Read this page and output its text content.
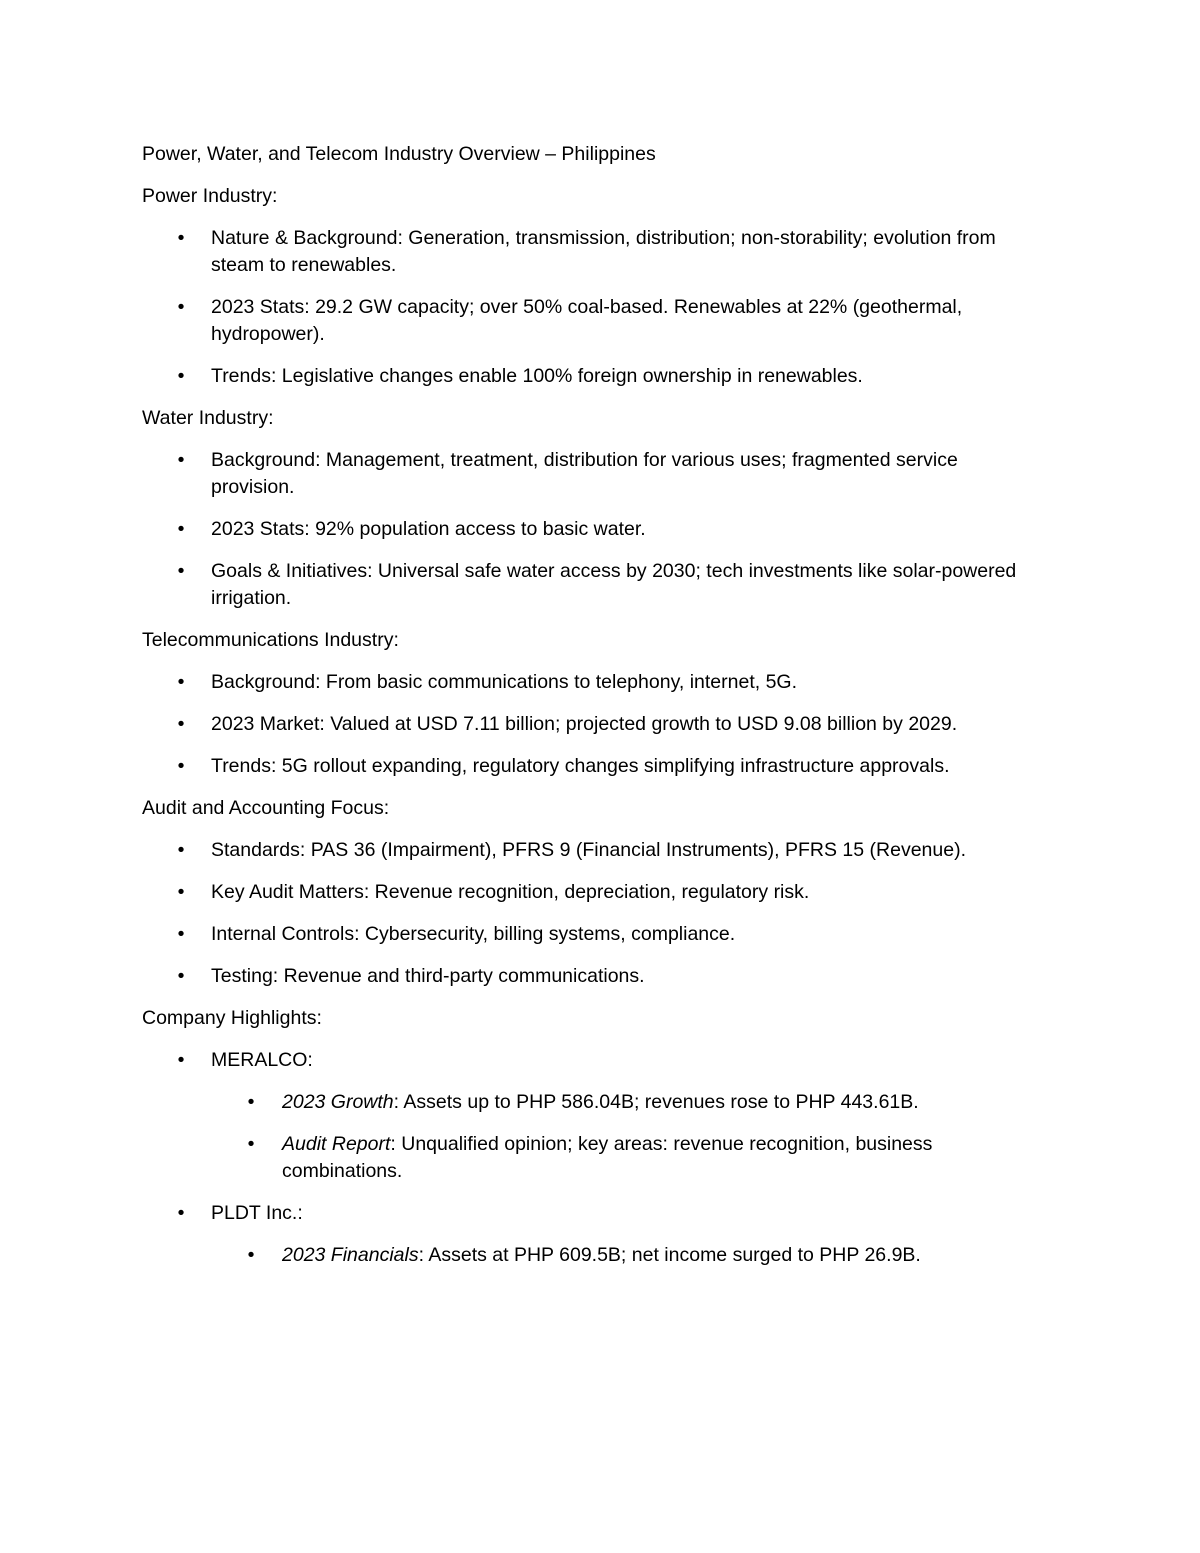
Power, Water, and Telecom Industry Overview – Philippines

Power Industry:

• Nature & Background: Generation, transmission, distribution; non-storability; evolution from steam to renewables.
• 2023 Stats: 29.2 GW capacity; over 50% coal-based. Renewables at 22% (geothermal, hydropower).
• Trends: Legislative changes enable 100% foreign ownership in renewables.

Water Industry:

• Background: Management, treatment, distribution for various uses; fragmented service provision.
• 2023 Stats: 92% population access to basic water.
• Goals & Initiatives: Universal safe water access by 2030; tech investments like solar-powered irrigation.

Telecommunications Industry:

• Background: From basic communications to telephony, internet, 5G.
• 2023 Market: Valued at USD 7.11 billion; projected growth to USD 9.08 billion by 2029.
• Trends: 5G rollout expanding, regulatory changes simplifying infrastructure approvals.

Audit and Accounting Focus:

• Standards: PAS 36 (Impairment), PFRS 9 (Financial Instruments), PFRS 15 (Revenue).
• Key Audit Matters: Revenue recognition, depreciation, regulatory risk.
• Internal Controls: Cybersecurity, billing systems, compliance.
• Testing: Revenue and third-party communications.

Company Highlights:

• MERALCO:
• 2023 Growth: Assets up to PHP 586.04B; revenues rose to PHP 443.61B.
• Audit Report: Unqualified opinion; key areas: revenue recognition, business combinations.
• PLDT Inc.:
• 2023 Financials: Assets at PHP 609.5B; net income surged to PHP 26.9B.
